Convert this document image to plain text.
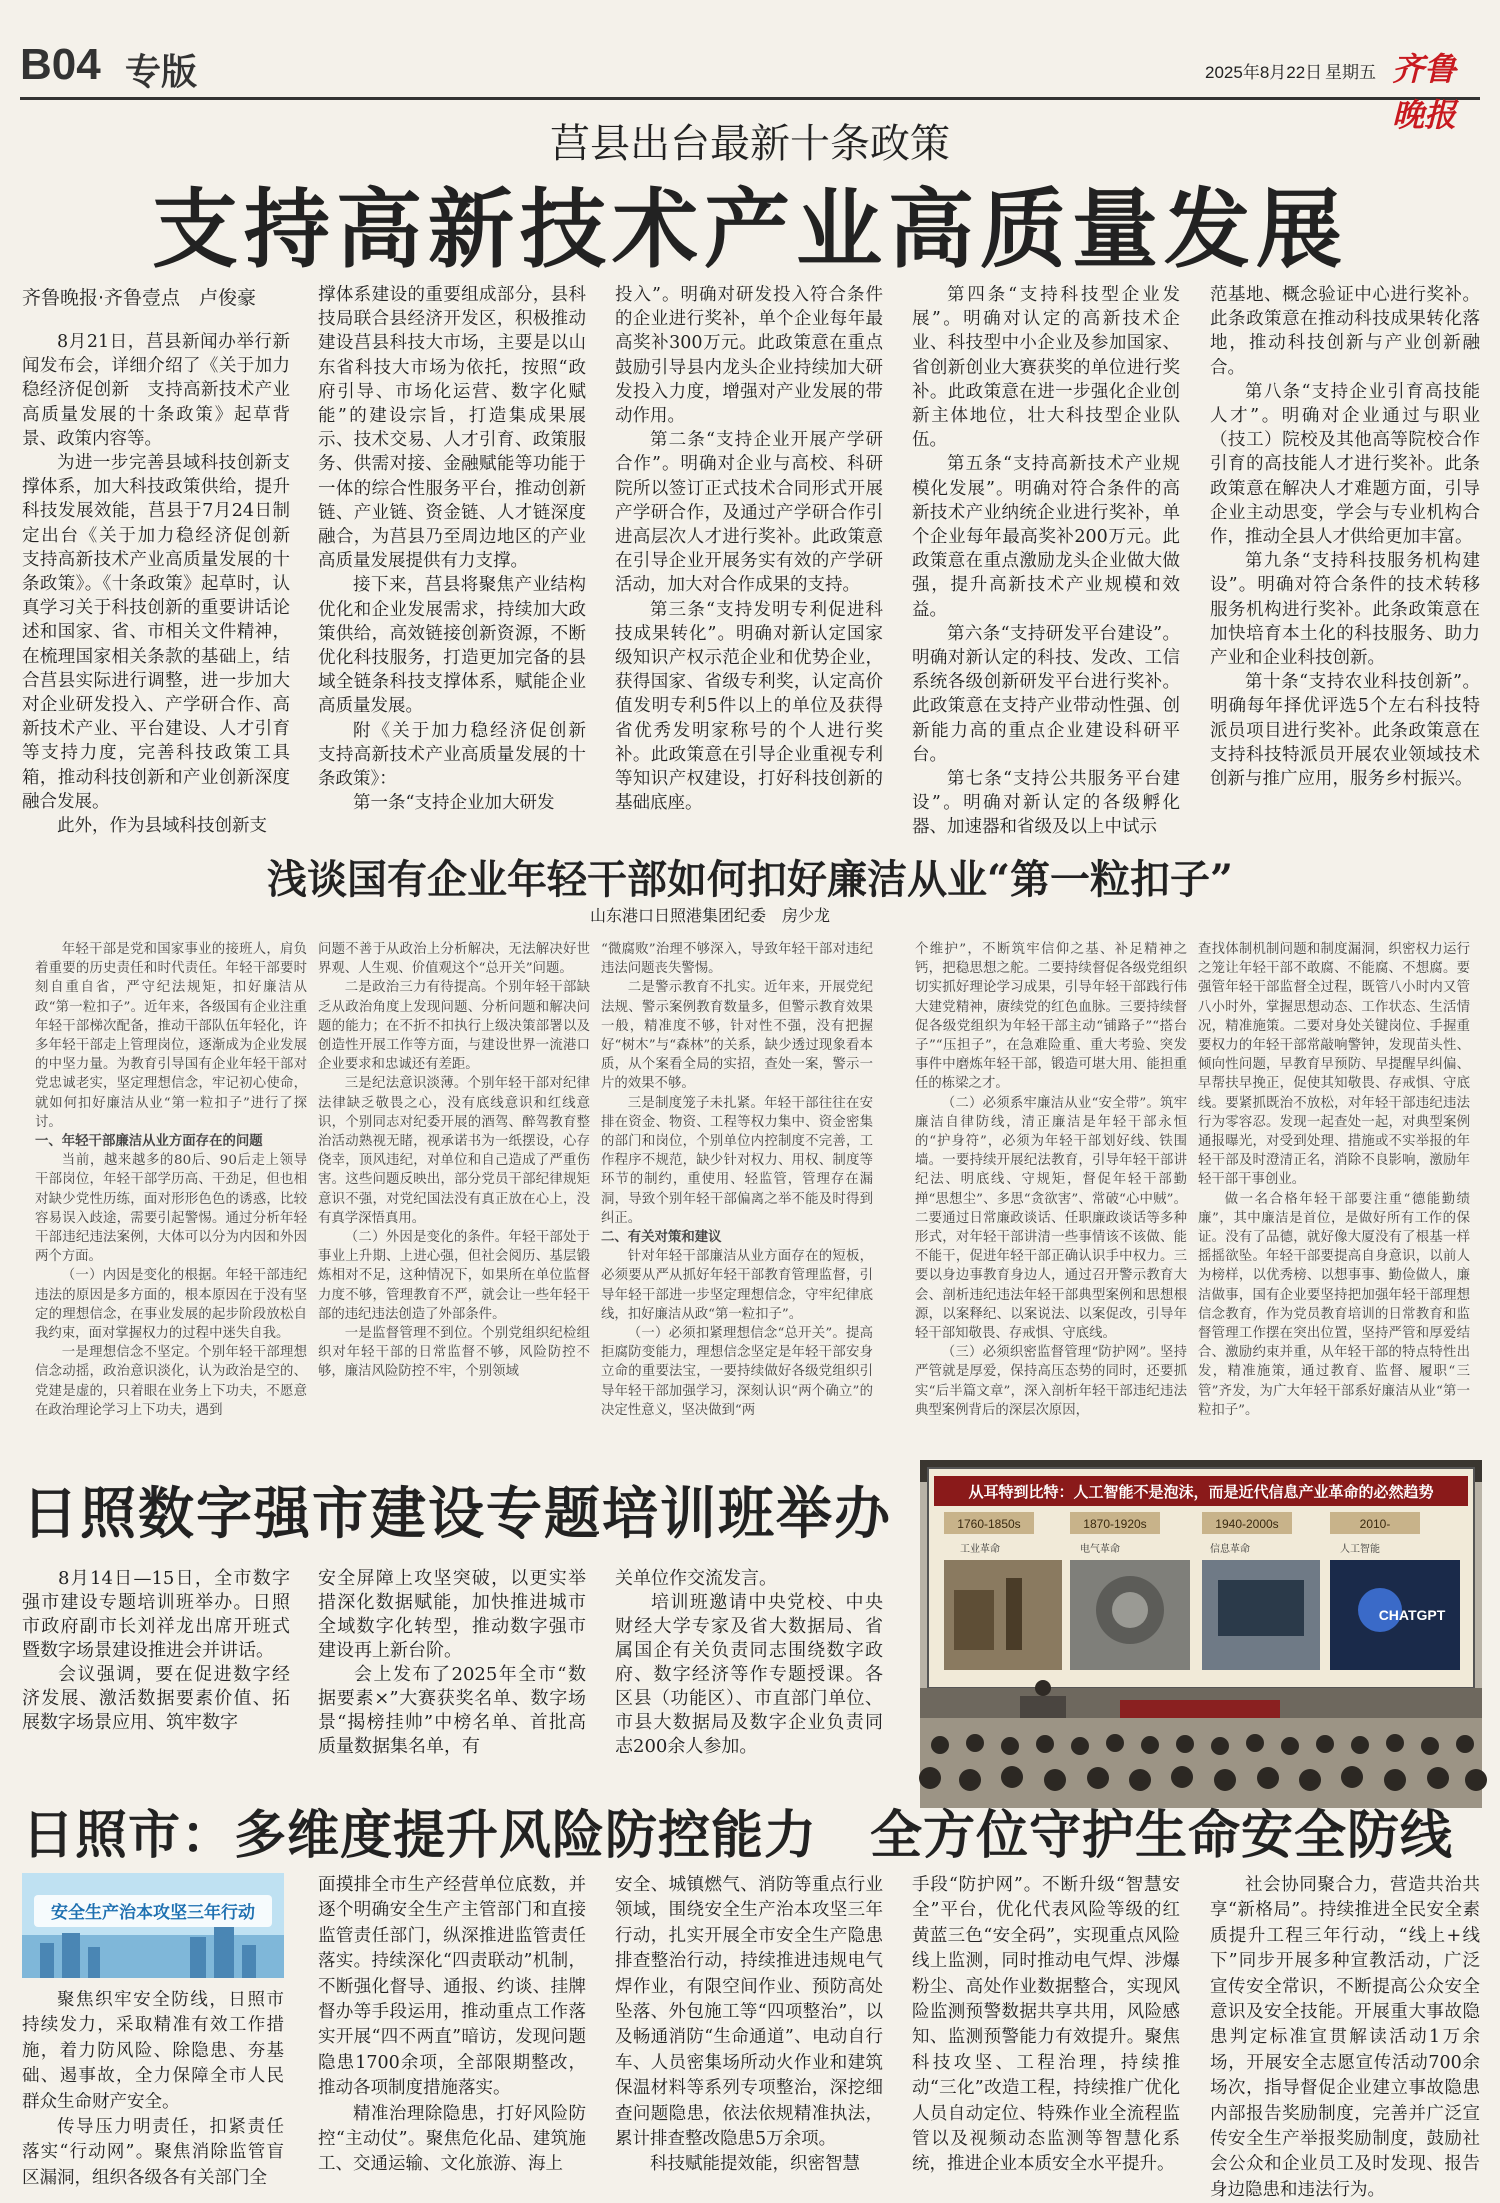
B04 专版	2025年8月22日 星期五 齐鲁晚报
莒县出台最新十条政策
支持高新技术产业高质量发展
齐鲁晚报·齐鲁壹点　卢俊豪

8月21日，莒县新闻办举行新闻发布会，详细介绍了《关于加力稳经济促创新　支持高新技术产业高质量发展的十条政策》起草背景、政策内容等。

为进一步完善县域科技创新支撑体系，加大科技政策供给，提升科技发展效能，莒县于7月24日制定出台《关于加力稳经济促创新　支持高新技术产业高质量发展的十条政策》。《十条政策》起草时，认真学习关于科技创新的重要讲话论述和国家、省、市相关文件精神，在梳理国家相关条款的基础上，结合莒县实际进行调整，进一步加大对企业研发投入、产学研合作、高新技术产业、平台建设、人才引育等支持力度，完善科技政策工具箱，推动科技创新和产业创新深度融合发展。

此外，作为县域科技创新支

撑体系建设的重要组成部分，县科技局联合县经济开发区，积极推动建设莒县科技大市场，主要是以山东省科技大市场为依托，按照“政府引导、市场化运营、数字化赋能”的建设宗旨，打造集成果展示、技术交易、人才引育、政策服务、供需对接、金融赋能等功能于一体的综合性服务平台，推动创新链、产业链、资金链、人才链深度融合，为莒县乃至周边地区的产业高质量发展提供有力支撑。

接下来，莒县将聚焦产业结构优化和企业发展需求，持续加大政策供给，高效链接创新资源，不断优化科技服务，打造更加完备的县域全链条科技支撑体系，赋能企业高质量发展。

附《关于加力稳经济促创新　支持高新技术产业高质量发展的十条政策》：

第一条“支持企业加大研发

投入”。明确对研发投入符合条件的企业进行奖补，单个企业每年最高奖补300万元。此政策意在重点鼓励引导县内龙头企业持续加大研发投入力度，增强对产业发展的带动作用。

第二条“支持企业开展产学研合作”。明确对企业与高校、科研院所以签订正式技术合同形式开展产学研合作，及通过产学研合作引进高层次人才进行奖补。此政策意在引导企业开展务实有效的产学研活动，加大对合作成果的支持。

第三条“支持发明专利促进科技成果转化”。明确对新认定国家级知识产权示范企业和优势企业，获得国家、省级专利奖，认定高价值发明专利5件以上的单位及获得省优秀发明家称号的个人进行奖补。此政策意在引导企业重视专利等知识产权建设，打好科技创新的基础底座。

第四条“支持科技型企业发展”。明确对认定的高新技术企业、科技型中小企业及参加国家、省创新创业大赛获奖的单位进行奖补。此政策意在进一步强化企业创新主体地位，壮大科技型企业队伍。

第五条“支持高新技术产业规模化发展”。明确对符合条件的高新技术产业纳统企业进行奖补，单个企业每年最高奖补200万元。此政策意在重点激励龙头企业做大做强，提升高新技术产业规模和效益。

第六条“支持研发平台建设”。明确对新认定的科技、发改、工信系统各级创新研发平台进行奖补。此政策意在支持产业带动性强、创新能力高的重点企业建设科研平台。

第七条“支持公共服务平台建设”。明确对新认定的各级孵化器、加速器和省级及以上中试示

范基地、概念验证中心进行奖补。此条政策意在推动科技成果转化落地，推动科技创新与产业创新融合。

第八条“支持企业引育高技能人才”。明确对企业通过与职业（技工）院校及其他高等院校合作引育的高技能人才进行奖补。此条政策意在解决人才难题方面，引导企业主动思变，学会与专业机构合作，推动全县人才供给更加丰富。

第九条“支持科技服务机构建设”。明确对符合条件的技术转移服务机构进行奖补。此条政策意在加快培育本土化的科技服务、助力产业和企业科技创新。

第十条“支持农业科技创新”。明确每年择优评选5个左右科技特派员项目进行奖补。此条政策意在支持科技特派员开展农业领域技术创新与推广应用，服务乡村振兴。

浅谈国有企业年轻干部如何扣好廉洁从业“第一粒扣子”
山东港口日照港集团纪委　房少龙

年轻干部是党和国家事业的接班人，肩负着重要的历史责任和时代责任。年轻干部要时刻自重自省，严守纪法规矩，扣好廉洁从政“第一粒扣子”。近年来，各级国有企业注重年轻干部梯次配备，推动干部队伍年轻化，许多年轻干部走上管理岗位，逐渐成为企业发展的中坚力量。为教育引导国有企业年轻干部对党忠诚老实，坚定理想信念，牢记初心使命，就如何扣好廉洁从业“第一粒扣子”进行了探讨。

一、年轻干部廉洁从业方面存在的问题

当前，越来越多的80后、90后走上领导干部岗位，年轻干部学历高、干劲足，但也相对缺少党性历练，面对形形色色的诱惑，比较容易误入歧途，需要引起警惕。通过分析年轻干部违纪违法案例，大体可以分为内因和外因两个方面。

（一）内因是变化的根据。年轻干部违纪违法的原因是多方面的，根本原因在于没有坚定的理想信念，在事业发展的起步阶段放松自我约束，面对掌握权力的过程中迷失自我。

一是理想信念不坚定。个别年轻干部理想信念动摇，政治意识淡化，认为政治是空的、党建是虚的，只着眼在业务上下功夫，不愿意在政治理论学习上下功夫，遇到

问题不善于从政治上分析解决，无法解决好世界观、人生观、价值观这个“总开关”问题。

二是政治三力有待提高。个别年轻干部缺乏从政治角度上发现问题、分析问题和解决问题的能力；在不折不扣执行上级决策部署以及创造性开展工作等方面，与建设世界一流港口企业要求和忠诚还有差距。

三是纪法意识淡薄。个别年轻干部对纪律法律缺乏敬畏之心，没有底线意识和红线意识，个别同志对纪委开展的酒驾、醉驾教育整治活动熟视无睹，视承诺书为一纸摆设，心存侥幸，顶风违纪，对单位和自己造成了严重伤害。这些问题反映出，部分党员干部纪律规矩意识不强，对党纪国法没有真正放在心上，没有真学深悟真用。

（二）外因是变化的条件。年轻干部处于事业上升期、上进心强，但社会阅历、基层锻炼相对不足，这种情况下，如果所在单位监督力度不够，管理教育不严，就会让一些年轻干部的违纪违法创造了外部条件。

一是监督管理不到位。个别党组织纪检组织对年轻干部的日常监督不够，风险防控不够，廉洁风险防控不牢，个别领域

“微腐败”治理不够深入，导致年轻干部对违纪违法问题丧失警惕。

二是警示教育不扎实。近年来，开展党纪法规、警示案例教育数量多，但警示教育效果一般，精准度不够，针对性不强，没有把握好“树木”与“森林”的关系，缺少透过现象看本质，从个案看全局的实招，查处一案，警示一片的效果不够。

三是制度笼子未扎紧。年轻干部往往在安排在资金、物资、工程等权力集中、资金密集的部门和岗位，个别单位内控制度不完善，工作程序不规范，缺少针对权力、用权、制度等环节的制约，重使用、轻监管，管理存在漏洞，导致个别年轻干部偏离之举不能及时得到纠正。

二、有关对策和建议

针对年轻干部廉洁从业方面存在的短板，必须要从严从抓好年轻干部教育管理监督，引导年轻干部进一步坚定理想信念，守牢纪律底线，扣好廉洁从政“第一粒扣子”。

（一）必须扣紧理想信念“总开关”。提高拒腐防变能力，理想信念坚定是年轻干部安身立命的重要法宝，一要持续做好各级党组织引导年轻干部加强学习，深刻认识“两个确立”的决定性意义，坚决做到“两

个维护”，不断筑牢信仰之基、补足精神之钙，把稳思想之舵。二要持续督促各级党组织切实抓好理论学习成果，引导年轻干部践行伟大建党精神，赓续党的红色血脉。三要持续督促各级党组织为年轻干部主动“铺路子”“搭台子”“压担子”，在急难险重、重大考验、突发事件中磨炼年轻干部，锻造可堪大用、能担重任的栋梁之才。

（二）必须系牢廉洁从业“安全带”。筑牢廉洁自律防线，清正廉洁是年轻干部永恒的“护身符”，必须为年轻干部划好线、铁围墙。一要持续开展纪法教育，引导年轻干部讲纪法、明底线、守规矩，督促年轻干部勤掸“思想尘”、多思“贪欲害”、常破“心中贼”。二要通过日常廉政谈话、任职廉政谈话等多种形式，对年轻干部讲清一些事情该不该做、能不能干，促进年轻干部正确认识手中权力。三要以身边事教育身边人，通过召开警示教育大会、剖析违纪违法年轻干部典型案例和思想根源，以案释纪、以案说法、以案促改，引导年轻干部知敬畏、存戒惧、守底线。

（三）必须织密监督管理“防护网”。坚持严管就是厚爱，保持高压态势的同时，还要抓实“后半篇文章”，深入剖析年轻干部违纪违法典型案例背后的深层次原因，

查找体制机制问题和制度漏洞，织密权力运行之笼让年轻干部不敢腐、不能腐、不想腐。要强管年轻干部监督全过程，既管八小时内又管八小时外，掌握思想动态、工作状态、生活情况，精准施策。二要对身处关键岗位、手握重要权力的年轻干部常敲响警钟，发现苗头性、倾向性问题，早教育早预防、早提醒早纠偏、早帮扶早挽正，促使其知敬畏、存戒惧、守底线。要紧抓既治不放松，对年轻干部违纪违法行为零容忍。发现一起查处一起，对典型案例通报曝光，对受到处理、措施或不实举报的年轻干部及时澄清正名，消除不良影响，激励年轻干部干事创业。

做一名合格年轻干部要注重“德能勤绩廉”，其中廉洁是首位，是做好所有工作的保证。没有了品德，就好像大厦没有了根基一样摇摇欲坠。年轻干部要提高自身意识，以前人为榜样，以优秀榜、以想事事、勤俭做人，廉洁做事，国有企业要坚持把加强年轻干部理想信念教育，作为党员教育培训的日常教育和监督管理工作摆在突出位置，坚持严管和厚爱结合、激励约束并重，从年轻干部的特点特性出发，精准施策，通过教育、监督、履职“三管”齐发，为广大年轻干部系好廉洁从业“第一粒扣子”。

日照数字强市建设专题培训班举办

8月14日—15日，全市数字强市建设专题培训班举办。日照市政府副市长刘祥龙出席开班式暨数字场景建设推进会并讲话。

会议强调，要在促进数字经济发展、激活数据要素价值、拓展数字场景应用、筑牢数字

安全屏障上攻坚突破，以更实举措深化数据赋能，加快推进城市全域数字化转型，推动数字强市建设再上新台阶。

会上发布了2025年全市“数据要素×”大赛获奖名单、数字场景“揭榜挂帅”中榜名单、首批高质量数据集名单，有

关单位作交流发言。

培训班邀请中央党校、中央财经大学专家及省大数据局、省属国企有关负责同志围绕数字政府、数字经济等作专题授课。各区县（功能区）、市直部门单位、市县大数据局及数字企业负责同志200余人参加。

从耳特到比特：人工智能不是泡沫，而是近代信息产业革命的必然趋势
1760-1850s	1870-1920s	1940-2000s	2010-
工业革命	电气革命	信息革命	人工智能
CHATGPT
日照市：多维度提升风险防控能力　全方位守护生命安全防线
安全生产治本攻坚三年行动

聚焦织牢安全防线，日照市持续发力，采取精准有效工作措施，着力防风险、除隐患、夯基础、遏事故，全力保障全市人民群众生命财产安全。

传导压力明责任，扣紧责任落实“行动网”。聚焦消除监管盲区漏洞，组织各级各有关部门全

面摸排全市生产经营单位底数，并逐个明确安全生产主管部门和直接监管责任部门，纵深推进监管责任落实。持续深化“四责联动”机制，不断强化督导、通报、约谈、挂牌督办等手段运用，推动重点工作落实开展“四不两直”暗访，发现问题隐患1700余项，全部限期整改，推动各项制度措施落实。

精准治理除隐患，打好风险防控“主动仗”。聚焦危化品、建筑施工、交通运输、文化旅游、海上

安全、城镇燃气、消防等重点行业领域，围绕安全生产治本攻坚三年行动，扎实开展全市安全生产隐患排查整治行动，持续推进违规电气焊作业，有限空间作业、预防高处坠落、外包施工等“四项整治”，以及畅通消防“生命通道”、电动自行车、人员密集场所动火作业和建筑保温材料等系列专项整治，深挖细查问题隐患，依法依规精准执法，累计排查整改隐患5万余项。

科技赋能提效能，织密智慧

手段“防护网”。不断升级“智慧安全”平台，优化代表风险等级的红黄蓝三色“安全码”，实现重点风险线上监测，同时推动电气焊、涉爆粉尘、高处作业数据整合，实现风险监测预警数据共享共用，风险感知、监测预警能力有效提升。聚焦科技攻坚、工程治理，持续推动“三化”改造工程，持续推广优化人员自动定位、特殊作业全流程监管以及视频动态监测等智慧化系统，推进企业本质安全水平提升。

社会协同聚合力，营造共治共享“新格局”。持续推进全民安全素质提升工程三年行动，“线上+线下”同步开展多种宣教活动，广泛宣传安全常识，不断提高公众安全意识及安全技能。开展重大事故隐患判定标准宣贯解读活动1万余场，开展安全志愿宣传活动700余场次，指导督促企业建立事故隐患内部报告奖励制度，完善并广泛宣传安全生产举报奖励制度，鼓励社会公众和企业员工及时发现、报告身边隐患和违法行为。
